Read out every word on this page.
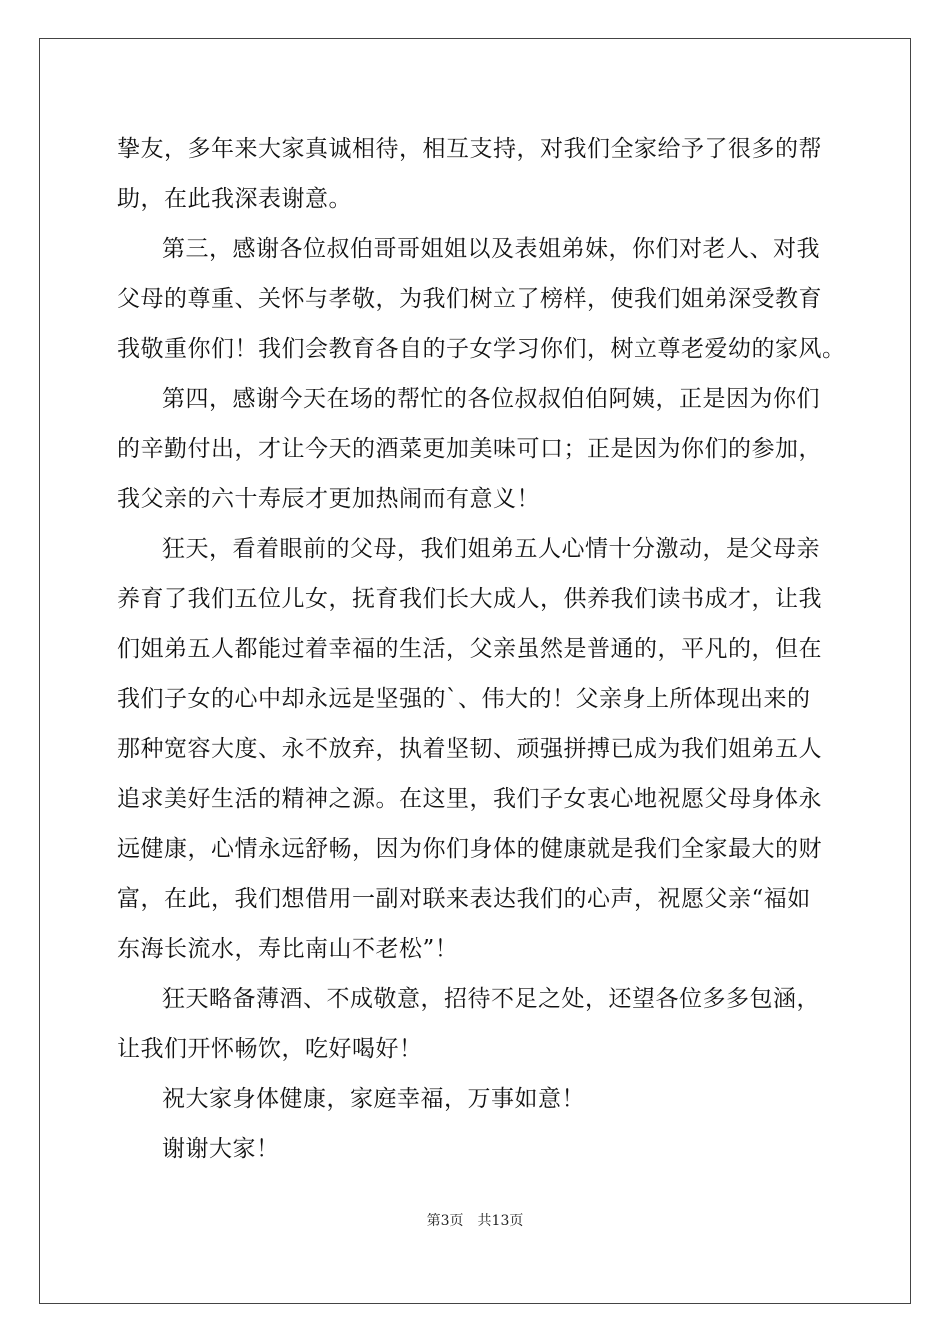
挚友，多年来大家真诚相待，相互支持，对我们全家给予了很多的帮
助，在此我深表谢意。
第三，感谢各位叔伯哥哥姐姐以及表姐弟妹，你们对老人、对我
父母的尊重、关怀与孝敬，为我们树立了榜样，使我们姐弟深受教育
我敬重你们！我们会教育各自的子女学习你们，树立尊老爱幼的家风。
第四，感谢今天在场的帮忙的各位叔叔伯伯阿姨，正是因为你们
的辛勤付出，才让今天的酒菜更加美味可口；正是因为你们的参加，
我父亲的六十寿辰才更加热闹而有意义！
狂天，看着眼前的父母，我们姐弟五人心情十分激动，是父母亲
养育了我们五位儿女，抚育我们长大成人，供养我们读书成才，让我
们姐弟五人都能过着幸福的生活，父亲虽然是普通的，平凡的，但在
我们子女的心中却永远是坚强的`、伟大的！父亲身上所体现出来的
那种宽容大度、永不放弃，执着坚韧、顽强拼搏已成为我们姐弟五人
追求美好生活的精神之源。在这里，我们子女衷心地祝愿父母身体永
远健康，心情永远舒畅，因为你们身体的健康就是我们全家最大的财
富，在此，我们想借用一副对联来表达我们的心声，祝愿父亲“福如
东海长流水，寿比南山不老松”！
狂天略备薄酒、不成敬意，招待不足之处，还望各位多多包涵，
让我们开怀畅饮，吃好喝好！
祝大家身体健康，家庭幸福，万事如意！
谢谢大家！
第3页 共13页
